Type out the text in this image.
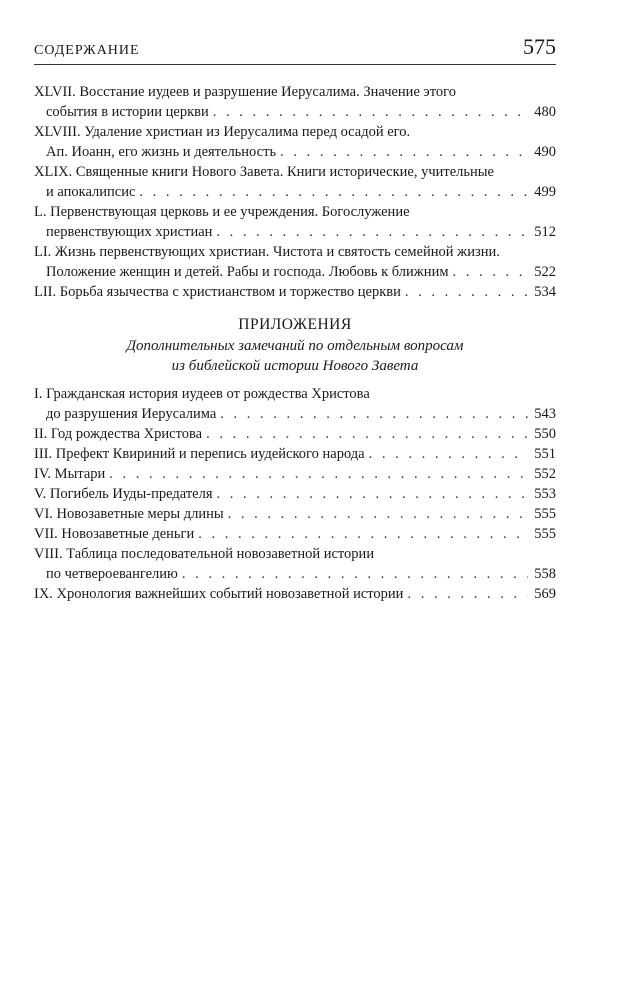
СОДЕРЖАНИЕ	575
XLVII. Восстание иудеев и разрушение Иерусалима. Значение этого
события в истории церкви . . .	480
XLVIII. Удаление христиан из Иерусалима перед осадой его.
Ап. Иоанн, его жизнь и деятельность . . .	490
XLIX. Священные книги Нового Завета. Книги исторические, учительные
и апокалипсис . . .	499
L. Первенствующая церковь и ее учреждения. Богослужение
первенствующих христиан . . .	512
LI. Жизнь первенствующих христиан. Чистота и святость семейной жизни.
Положение женщин и детей. Рабы и господа. Любовь к ближним . . .	522
LII. Борьба язычества с христианством и торжество церкви . . .	534
ПРИЛОЖЕНИЯ
Дополнительных замечаний по отдельным вопросам
из библейской истории Нового Завета
I. Гражданская история иудеев от рождества Христова
до разрушения Иерусалима . . .	543
II. Год рождества Христова . . .	550
III. Префект Квириний и перепись иудейского народа . . .	551
IV. Мытари . . .	552
V. Погибель Иуды-предателя . . .	553
VI. Новозаветные меры длины . . .	555
VII. Новозаветные деньги . . .	555
VIII. Таблица последовательной новозаветной истории
по четвероевангелию . . .	558
IX. Хронология важнейших событий новозаветной истории . . .	569
